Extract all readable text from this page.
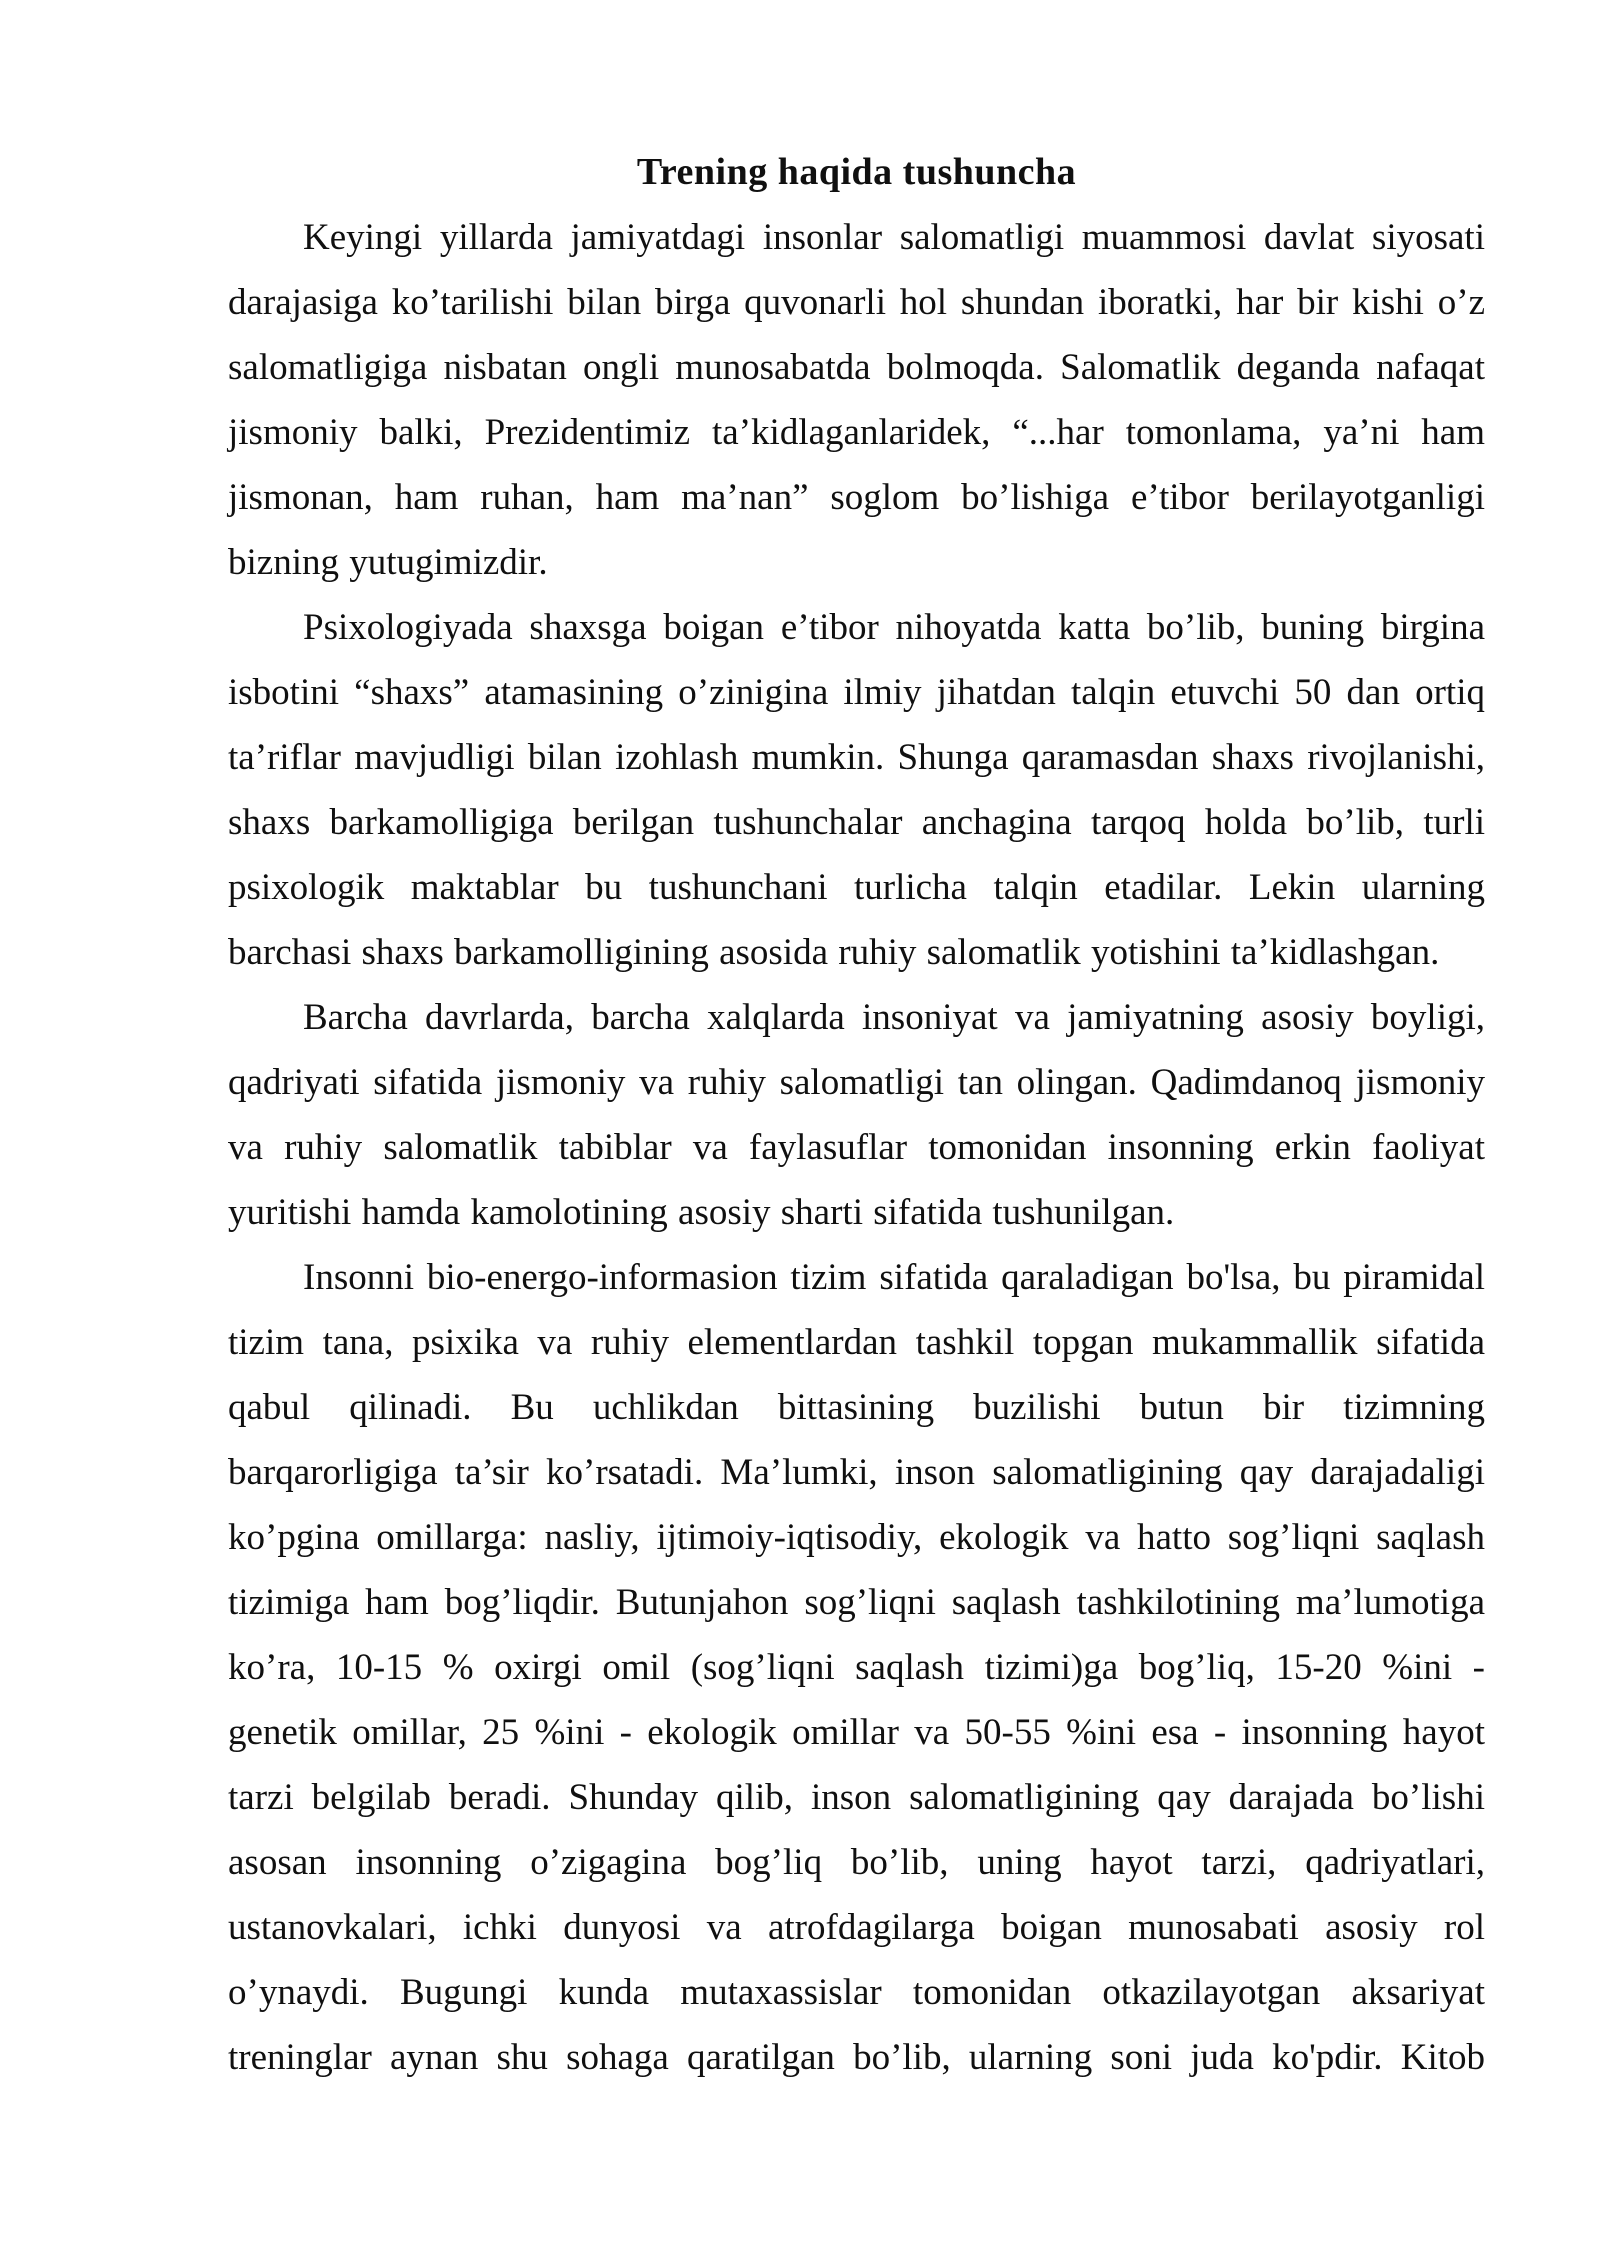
Trening haqida tushuncha
Keyingi yillarda jamiyatdagi insonlar salomatligi muammosi davlat siyosati
darajasiga ko’tarilishi bilan birga quvonarli hol shundan iboratki, har bir kishi o’z
salomatligiga nisbatan ongli munosabatda bolmoqda. Salomatlik deganda nafaqat
jismoniy balki, Prezidentimiz ta’kidlaganlaridek, “...har tomonlama, ya’ni ham
jismonan, ham ruhan, ham ma’nan” soglom bo’lishiga e’tibor berilayotganligi
bizning yutugimizdir.
Psixologiyada shaxsga boigan e’tibor nihoyatda katta bo’lib, buning birgina
isbotini “shaxs” atamasining o’zinigina ilmiy jihatdan talqin etuvchi 50 dan ortiq
ta’riflar mavjudligi bilan izohlash mumkin. Shunga qaramasdan shaxs rivojlanishi,
shaxs barkamolligiga berilgan tushunchalar anchagina tarqoq holda bo’lib, turli
psixologik maktablar bu tushunchani turlicha talqin etadilar. Lekin ularning
barchasi shaxs barkamolligining asosida ruhiy salomatlik yotishini ta’kidlashgan.
Barcha davrlarda, barcha xalqlarda insoniyat va jamiyatning asosiy boyligi,
qadriyati sifatida jismoniy va ruhiy salomatligi tan olingan. Qadimdanoq jismoniy
va ruhiy salomatlik tabiblar va faylasuflar tomonidan insonning erkin faoliyat
yuritishi hamda kamolotining asosiy sharti sifatida tushunilgan.
Insonni bio-energo-informasion tizim sifatida qaraladigan bo'lsa, bu piramidal
tizim tana, psixika va ruhiy elementlardan tashkil topgan mukammallik sifatida
qabul qilinadi. Bu uchlikdan bittasining buzilishi butun bir tizimning
barqarorligiga ta’sir ko’rsatadi. Ma’lumki, inson salomatligining qay darajadaligi
ko’pgina omillarga: nasliy, ijtimoiy-iqtisodiy, ekologik va hatto sog’liqni saqlash
tizimiga ham bog’liqdir. Butunjahon sog’liqni saqlash tashkilotining ma’lumotiga
ko’ra, 10-15 % oxirgi omil (sog’liqni saqlash tizimi)ga bog’liq, 15-20 %ini -
genetik omillar, 25 %ini - ekologik omillar va 50-55 %ini esa - insonning hayot
tarzi belgilab beradi. Shunday qilib, inson salomatligining qay darajada bo’lishi
asosan insonning o’zigagina bog’liq bo’lib, uning hayot tarzi, qadriyatlari,
ustanovkalari, ichki dunyosi va atrofdagilarga boigan munosabati asosiy rol
o’ynaydi. Bugungi kunda mutaxassislar tomonidan otkazilayotgan aksariyat
treninglar aynan shu sohaga qaratilgan bo’lib, ularning soni juda ko'pdir. Kitob
